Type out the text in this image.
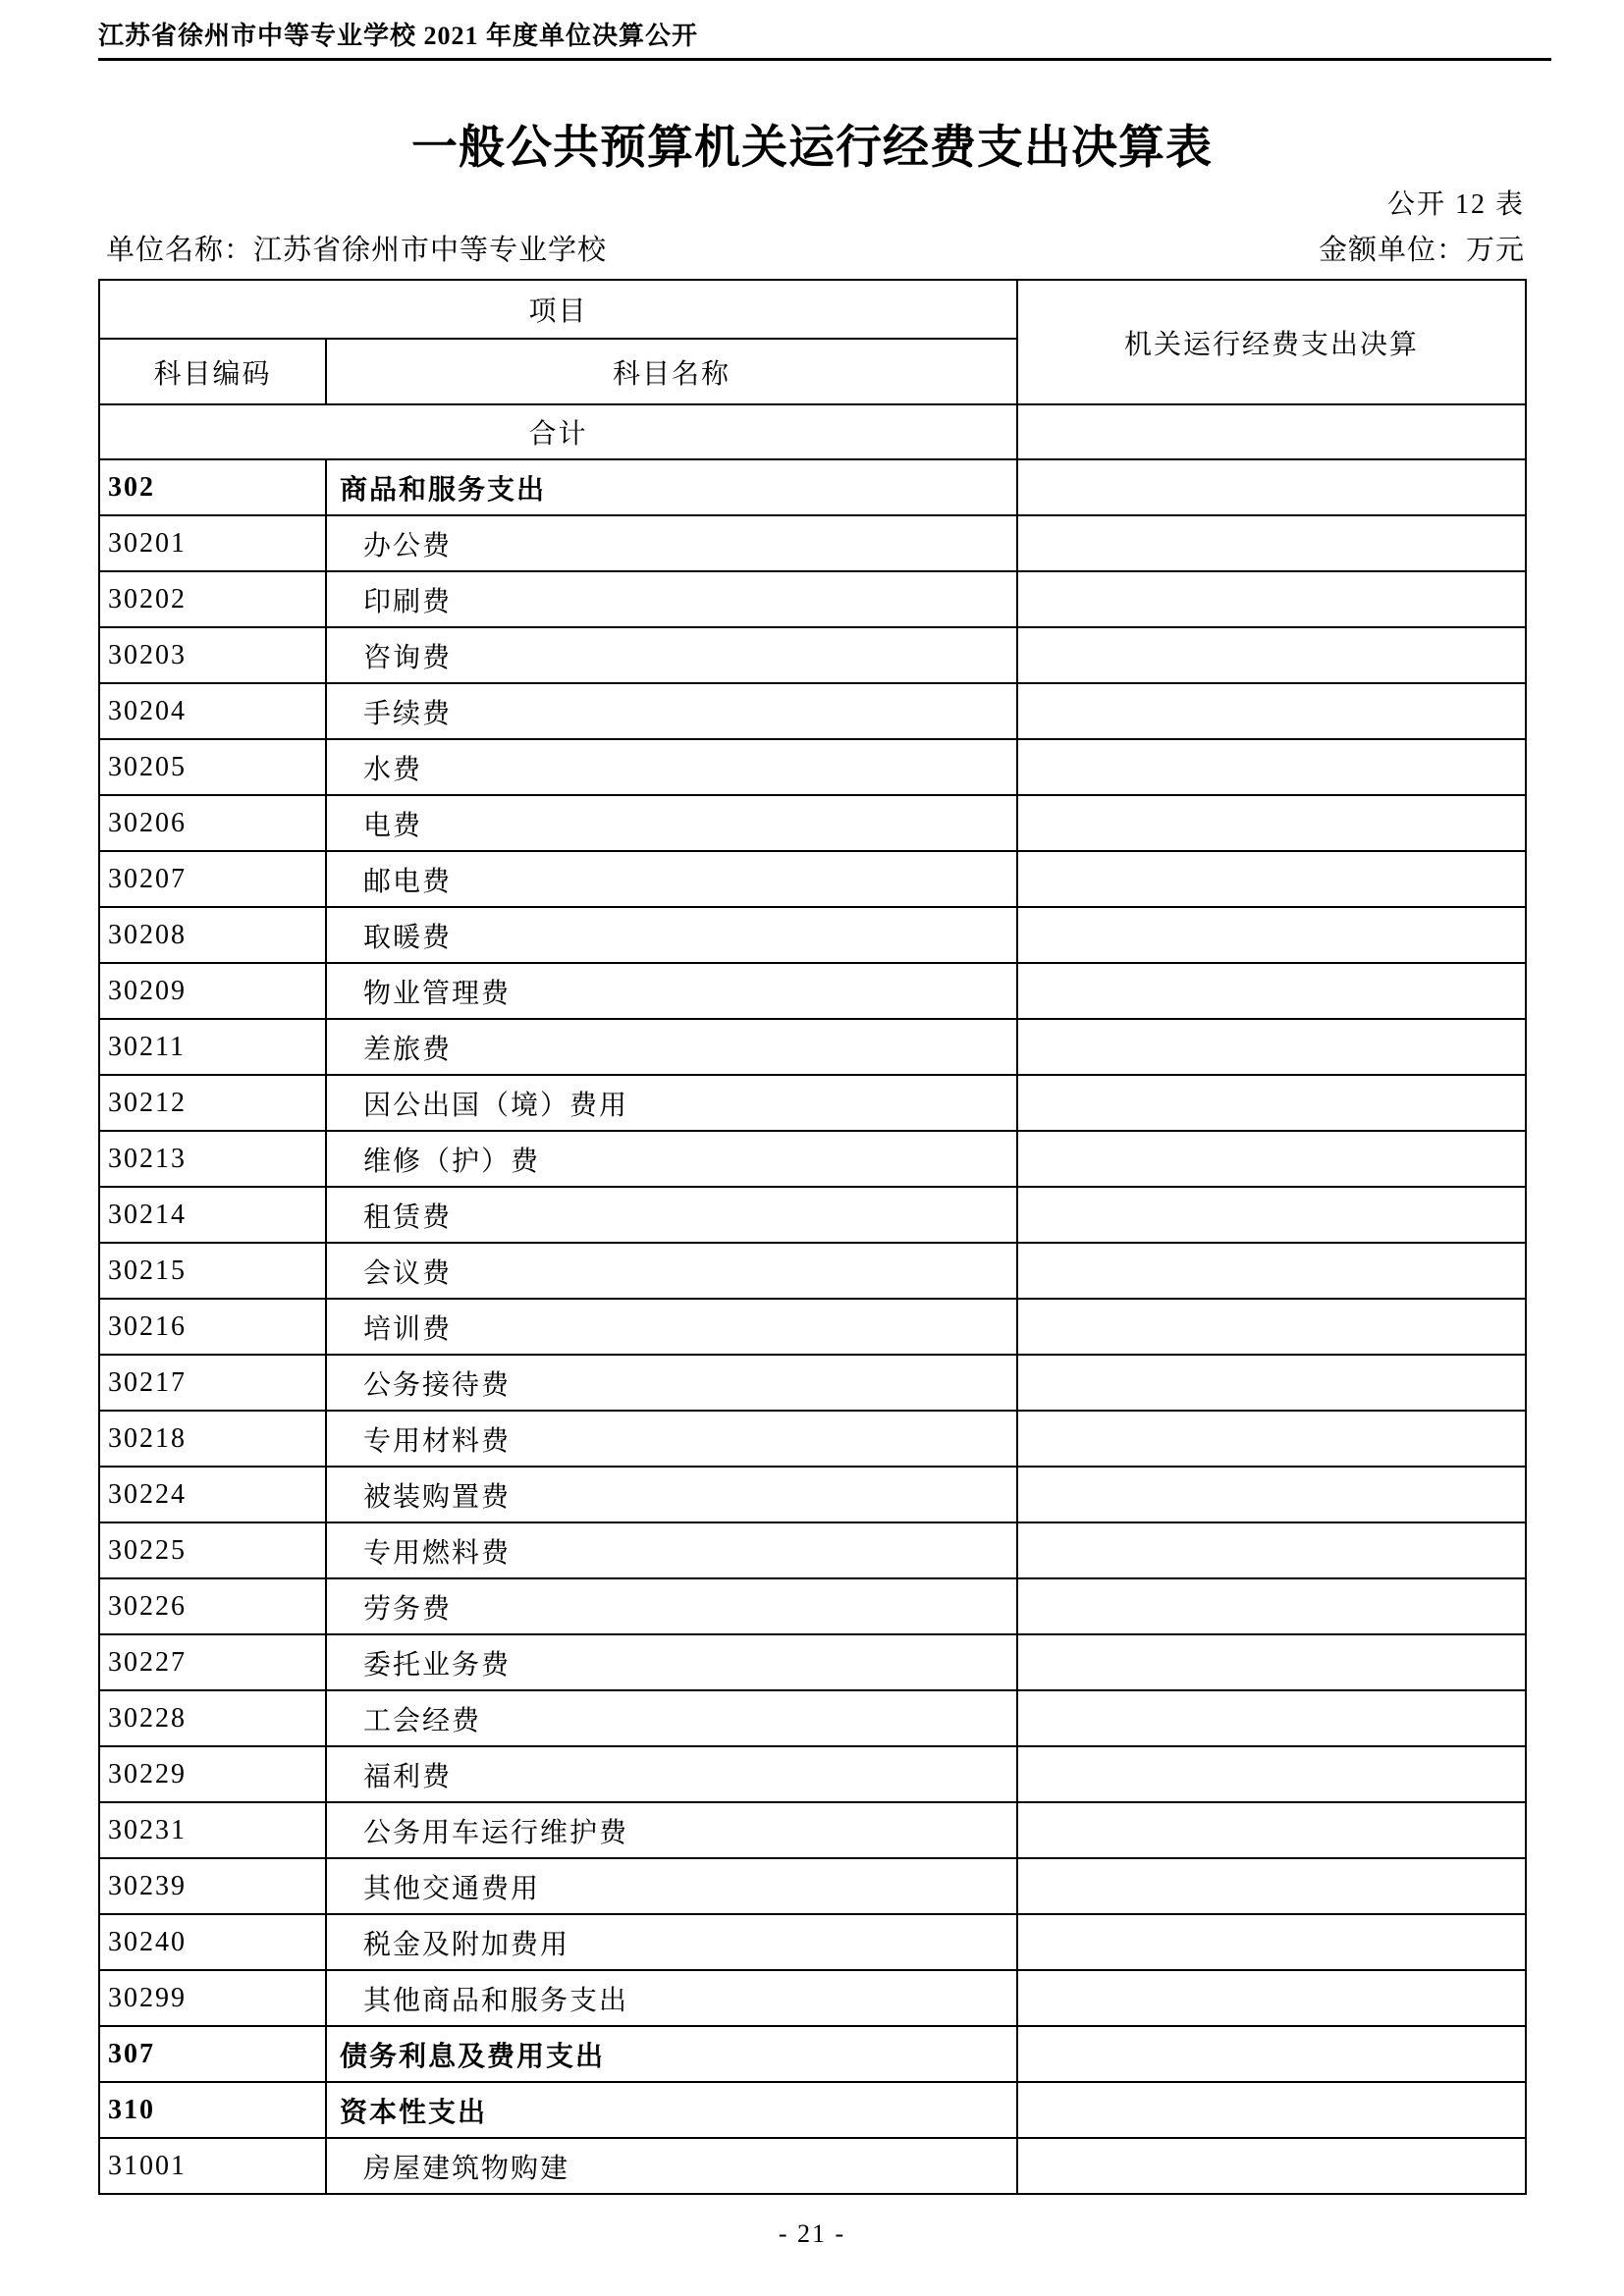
江苏省徐州市中等专业学校 2021 年度单位决算公开
一般公共预算机关运行经费支出决算表
公开 12 表
单位名称：江苏省徐州市中等专业学校	金额单位：万元
项目		机关运行经费支出决算
科目编码	科目名称	
合计		
302	商品和服务支出	
30201	办公费	
30202	印刷费	
30203	咨询费	
30204	手续费	
30205	水费	
30206	电费	
30207	邮电费	
30208	取暖费	
30209	物业管理费	
30211	差旅费	
30212	因公出国（境）费用	
30213	维修（护）费	
30214	租赁费	
30215	会议费	
30216	培训费	
30217	公务接待费	
30218	专用材料费	
30224	被装购置费	
30225	专用燃料费	
30226	劳务费	
30227	委托业务费	
30228	工会经费	
30229	福利费	
30231	公务用车运行维护费	
30239	其他交通费用	
30240	税金及附加费用	
30299	其他商品和服务支出	
307	债务利息及费用支出	
310	资本性支出	
31001	房屋建筑物购建	
- 21 -
